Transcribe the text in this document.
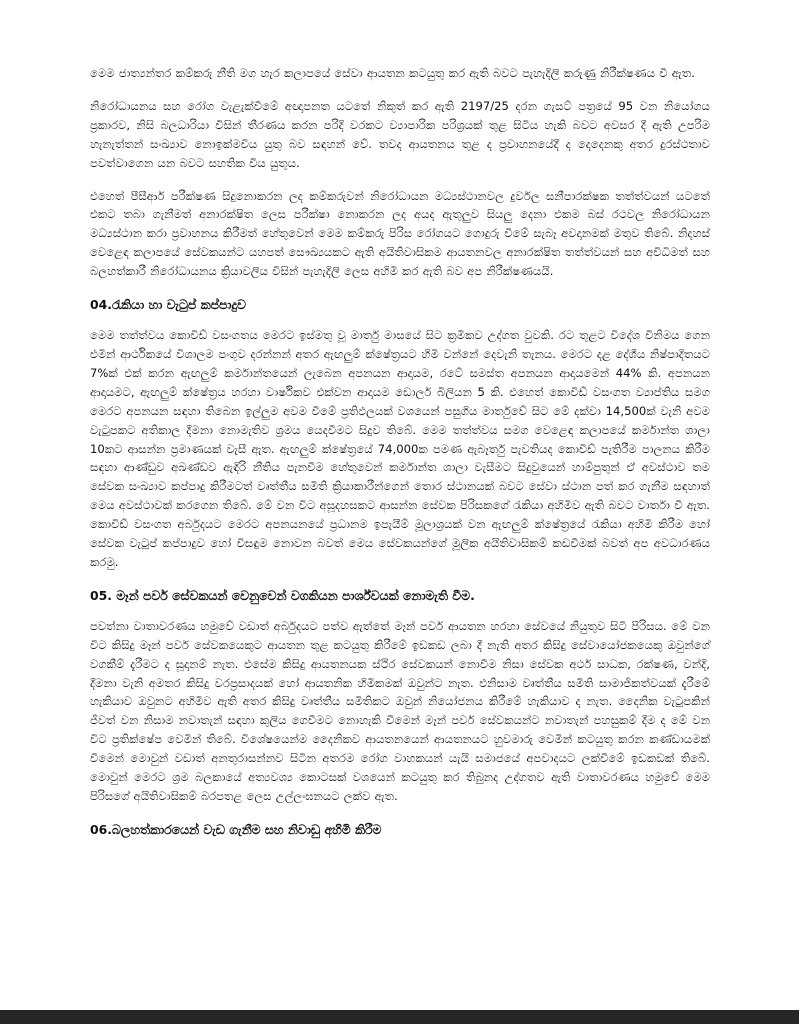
මෙම ජාත්‍යන්තර කම්කරු නීති මග හැර කලාපයේ සේවා ආයතන කටයුතු කර ඇති බවට පැහැදිලි කරුණු නිරීක්ෂණය වී ඇත.

නිරෝධායනය සහ රෝග වැළැක්වීමේ අඥාපනත යටතේ නිකුත් කර ඇති 2197/25 දරන ගැසට් පත්‍රයේ 95 වන නියෝගය ප්‍රකාරව, නිසි බලධාරියා විසින් තීරණය කරන පරිදි වරකට ව්‍යාපාරික පරිශ්‍රයක් තුළ සිටිය හැකි බවට අවසර දී ඇති උපරිම හැනැත්තන් සංඛ්‍යාව නොඉක්මවිය යුතු බව සඳහන් වේ. තවද ආයතනය තුළ ද ප්‍රවාහනයේදී ද දෙදෙනකු අතර දුරස්ථතාව පවත්වාගෙන යන බවට සහතික විය යුතුය.

එහෙත් පීසීආර් පරීක්ෂණ සිදුනොකරන ලද කම්කරුවන් නිරෝධායන මධ්‍යස්ථානවල දුර්වල සනීපාරක්ෂක තත්ත්වයන් යටතේ එකට තබා ගැනීමත් අනාරක්ෂිත ලෙස පරීක්ෂා නොකරන ලද අයද ඇතුලුව සියලු දෙනා එකම බස් රථවල නිරෝධායන මධ්‍යස්ථාන කරා ප්‍රවාහනය කිරීමත් හේතුවෙන් මෙම කම්කරු පිරිස රෝගයට ගොදුරු වීමේ සැබෑ අවදානමක් මතුව තිබේ. නිදහස් වෙළෙඳ කලාපයේ සේවකයන්ට යහපත් සෞඛ්‍යයකට ඇති අයිතිවාසිකම ආයතනවල අනාරක්ෂිත තත්ත්වයන් සහ අවිධිමත් සහ බලහත්කාරී නිරෝධායනය ක්‍රියාවලිය විසින් පැහැදිලි ලෙස අහිමි කර ඇති බව අප නිරීක්ෂණයයි.

04.රැකියා හා වැටුප් කප්පාදුව

මෙම තත්ත්වය කොවිඩ් වසංගතය මෙරට ඉස්මතු වූ මාර්තු මාසයේ සිට ක්‍රමිකව උද්ගත වුවකි. රට තුළට විදේශ විනිමය ගෙන එමින් ආර්ථිකයේ විශාලම පංගුව දරන්නන් අතර ඇඟලුම් ක්ෂේත්‍රයට හිමි වන්නේ දෙවැනි තැනය. මෙරට දළ දේශීය නිෂ්පාදිතයට 7%ක් එක් කරන ඇඟලුම් කර්මාන්තයෙන් ලැබෙන අපනයන ආදායම, රටේ සමස්ත අපනයන ආදායමෙන් 44% කි. අපනයන ආදායමට, ඇඟලුම් ක්ෂේත්‍රය හරහා වාර්ෂිකව එක්වන ආදායම ඩොලර් බිලියන 5 කි. එහෙත් කොවිඩ් වසංගත ව්‍යාප්තිය සමග මෙරට අපනයන සඳහා තිබෙන ඉල්ලුම අවම වීමේ ප්‍රතිඵලයක් වශයෙන් පසුගිය මාර්තුවේ සිට මේ දක්වා 14,500ක් වැනි අවම වැටුපකට අතිකාල දීමනා නොමැතිව ශ්‍රමය යෙදවීමට සිදුව තිබේ. මෙම තත්ත්වය සමග වෙළෙඳ කලාපයේ කර්මාන්ත ශාලා 10කට ආසන්න ප්‍රමාණයක් වැසී ඇත. ඇඟලුම් ක්ෂේත්‍රයේ 74,000ක පමණ ඇබෑර්තු පැවතියද කොවිඩ් පැතිරීම පාලනය කිරීම සඳහා ආණ්ඩුව අඛණ්ඩව ඇඳිරි නීතිය පැනවීම හේතුවෙන් කර්මාන්ත ශාලා වැසීමට සිදුවුයෙන් හාම්පුතුන් ඒ අවස්ථාව තම සේවක සංඛ්‍යාව කප්පාදු කිරීමටත් වෘත්තීය සමිති ක්‍රියාකාරීන්ගෙන් තොර ස්ථානයක් බවට සේවා ස්ථාන පත් කර ගැනීම සඳහාත් මෙය අවස්ථාවක් කරගෙන තිබේ. මේ වන විට අසූදහසකට ආසන්න සේවක පිරිසකගේ රැකියා අහිමිව ඇති බවට වාර්තා වී ඇත. කොවිඩ් වසංගත අර්බුදයට මෙරට අපනයනයේ ප්‍රධානම ඉපැයීම් මූලාශ්‍රයක් වන ඇඟලුම් ක්ෂේත්‍රයේ රැකියා අහිමි කිරීම හෝ සේවක වැටුප් කප්පාදුව හෝ විසඳුම නොවන බවත් මෙය සේවකයන්ගේ මූලික අයිතිවාසිකම් කඩවීමක් බවත් අප අවධාරණය කරමු.

05. මෑන් පවර් සේවකයන් වෙනුවෙන් වගකියන පාර්ශ්වයක් නොමැති වීම.

පවත්නා වාතාවරණය හමුවේ වඩාත් අර්බුදයට පත්ව ඇත්තේ මෑන් පවර් ආයතන හරහා සේවයේ නියුතුව සිටි පිරිසය. මේ වන විට කිසිදු මෑන් පවර් සේවකයෙකුට ආයතන තුළ කටයුතු කිරීමේ ඉඩකඩ ලබා දී නැති අතර කිසිදු සේවායෝජකයෙකු ඔවුන්ගේ වගකීම් දැරීමට ද සූදානම් නැත. එසේම කිසිදු ආයතනයක ස්ථිර සේවකයන් නොවීම නිසා සේවක අර්ථ සාධක, රක්ෂණ, වන්දි, දීමනා වැනි අමතර කිසිදු වරප්‍රසාදයක් හෝ ආයතනික හිමිකමක් ඔවුන්ට නැත. එනිසාම වෘත්තීය සමිති සාමාජිකත්වයක් දැරීමේ හැකියාව ඔවුනට අහිමිව ඇති අතර කිසිදු වෘත්තීය සමිතිකට ඔවුන් නියෝජනය කිරීමේ හැකියාව ද නැත. දෛනික වැටුපකින් ජීවත් වන නිසාම නවාතැන් සඳහා කුලිය ගෙවීමට නොහැකි වීමෙන් මෑන් පවර් සේවකයන්ට නවාතැන් පහසුකම් දීම ද මේ වන විට ප්‍රතික්ෂේප වෙමින් තිබේ. විශේෂයෙන්ම දෛනිකව ආයතනයෙන් ආයතනයට හුවමාරු වෙමින් කටයුතු කරන කණ්ඩායමක් වීමෙන් මොවුන් වඩාත් අනතුරාසන්නව සිටින අතරම රෝග වාහකයන් යැයි සමාජයේ අපවාදයට ලක්වීමේ ඉඩකඩක් තිබේ. මොවුන් මෙරට ශ්‍රම බලකායේ අත්‍යවශ්‍ය කොටසක් වශයෙන් කටයුතු කර තිබුනද උද්ගතව ඇති වාතාවරණය හමුවේ මෙම පිරිසගේ අයිතිවාසිකම් බරපතළ ලෙස උල්ලංඝනයට ලක්ව ඇත.

06.බලහත්කාරයෙන් වැඩ ගැනීම සහ නිවාඩු අහිමි කිරීම
